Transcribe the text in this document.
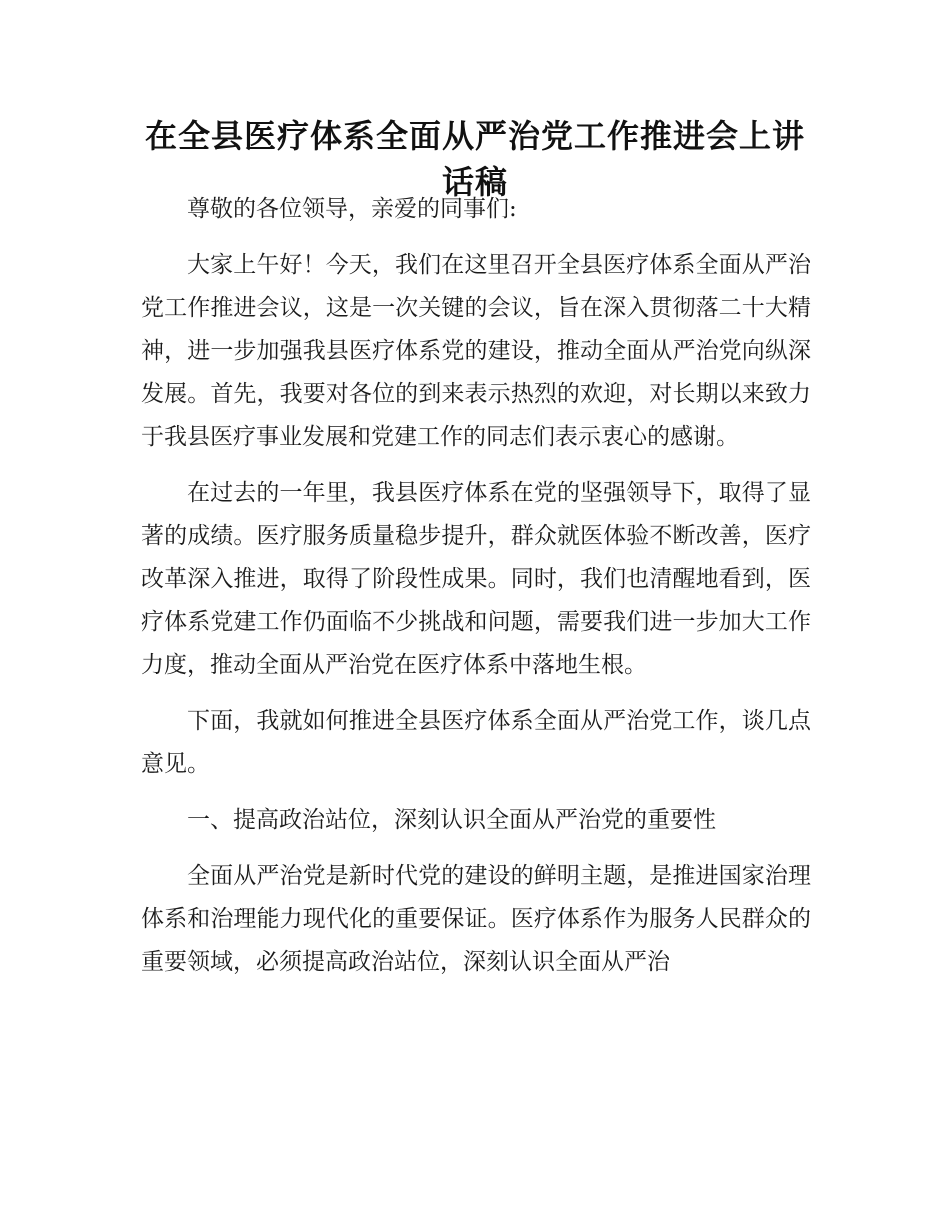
在全县医疗体系全面从严治党工作推进会上讲话稿

尊敬的各位领导，亲爱的同事们:

大家上午好！今天，我们在这里召开全县医疗体系全面从严治党工作推进会议，这是一次关键的会议，旨在深入贯彻落二十大精神，进一步加强我县医疗体系党的建设，推动全面从严治党向纵深发展。首先，我要对各位的到来表示热烈的欢迎，对长期以来致力于我县医疗事业发展和党建工作的同志们表示衷心的感谢。

在过去的一年里，我县医疗体系在党的坚强领导下，取得了显著的成绩。医疗服务质量稳步提升，群众就医体验不断改善，医疗改革深入推进，取得了阶段性成果。同时，我们也清醒地看到，医疗体系党建工作仍面临不少挑战和问题，需要我们进一步加大工作力度，推动全面从严治党在医疗体系中落地生根。

下面，我就如何推进全县医疗体系全面从严治党工作，谈几点意见。

一、提高政治站位，深刻认识全面从严治党的重要性

全面从严治党是新时代党的建设的鲜明主题，是推进国家治理体系和治理能力现代化的重要保证。医疗体系作为服务人民群众的重要领域，必须提高政治站位，深刻认识全面从严治
